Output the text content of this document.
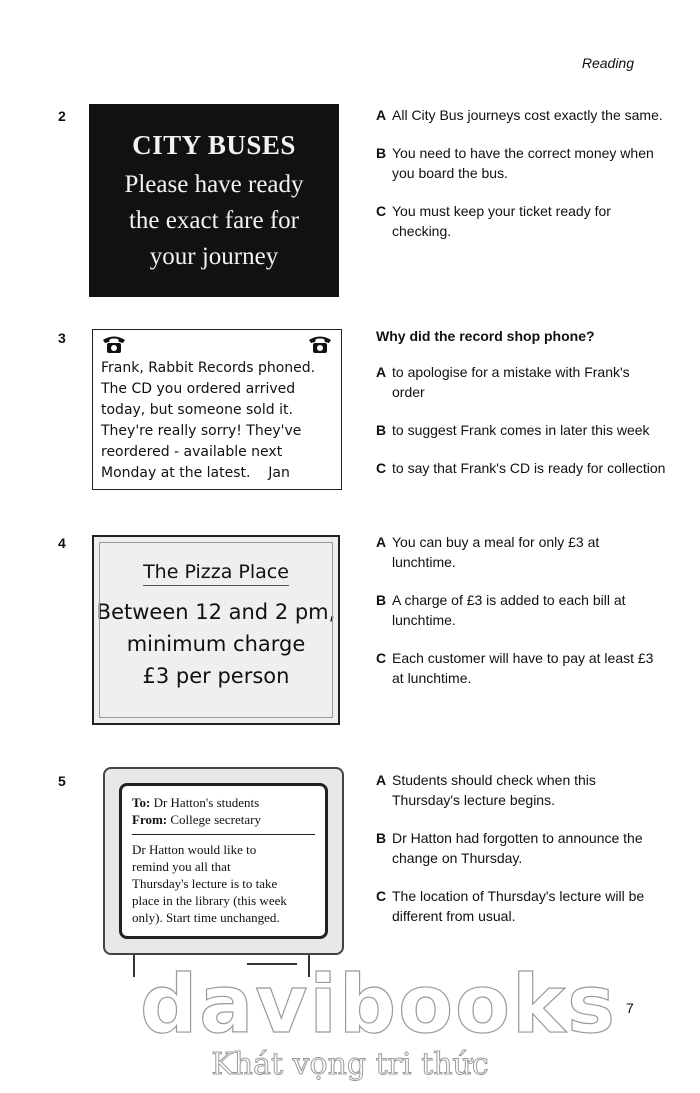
Reading
2
CITY BUSES
Please have ready
the exact fare for
your journey
A All City Bus journeys cost exactly the same.
B You need to have the correct money when you board the bus.
C You must keep your ticket ready for checking.
3
Frank, Rabbit Records phoned.
The CD you ordered arrived
today, but someone sold it.
They're really sorry! They've
reordered - available next
Monday at the latest.    Jan
Why did the record shop phone?
A to apologise for a mistake with Frank's order
B to suggest Frank comes in later this week
C to say that Frank's CD is ready for collection
4
The Pizza Place
Between 12 and 2 pm,
minimum charge
£3 per person
A You can buy a meal for only £3 at lunchtime.
B A charge of £3 is added to each bill at lunchtime.
C Each customer will have to pay at least £3 at lunchtime.
5
To: Dr Hatton's students
From: College secretary
Dr Hatton would like to
remind you all that
Thursday's lecture is to take
place in the library (this week
only). Start time unchanged.
A Students should check when this Thursday's lecture begins.
B Dr Hatton had forgotten to announce the change on Thursday.
C The location of Thursday's lecture will be different from usual.
7
davibooks
Khát vọng tri thức
